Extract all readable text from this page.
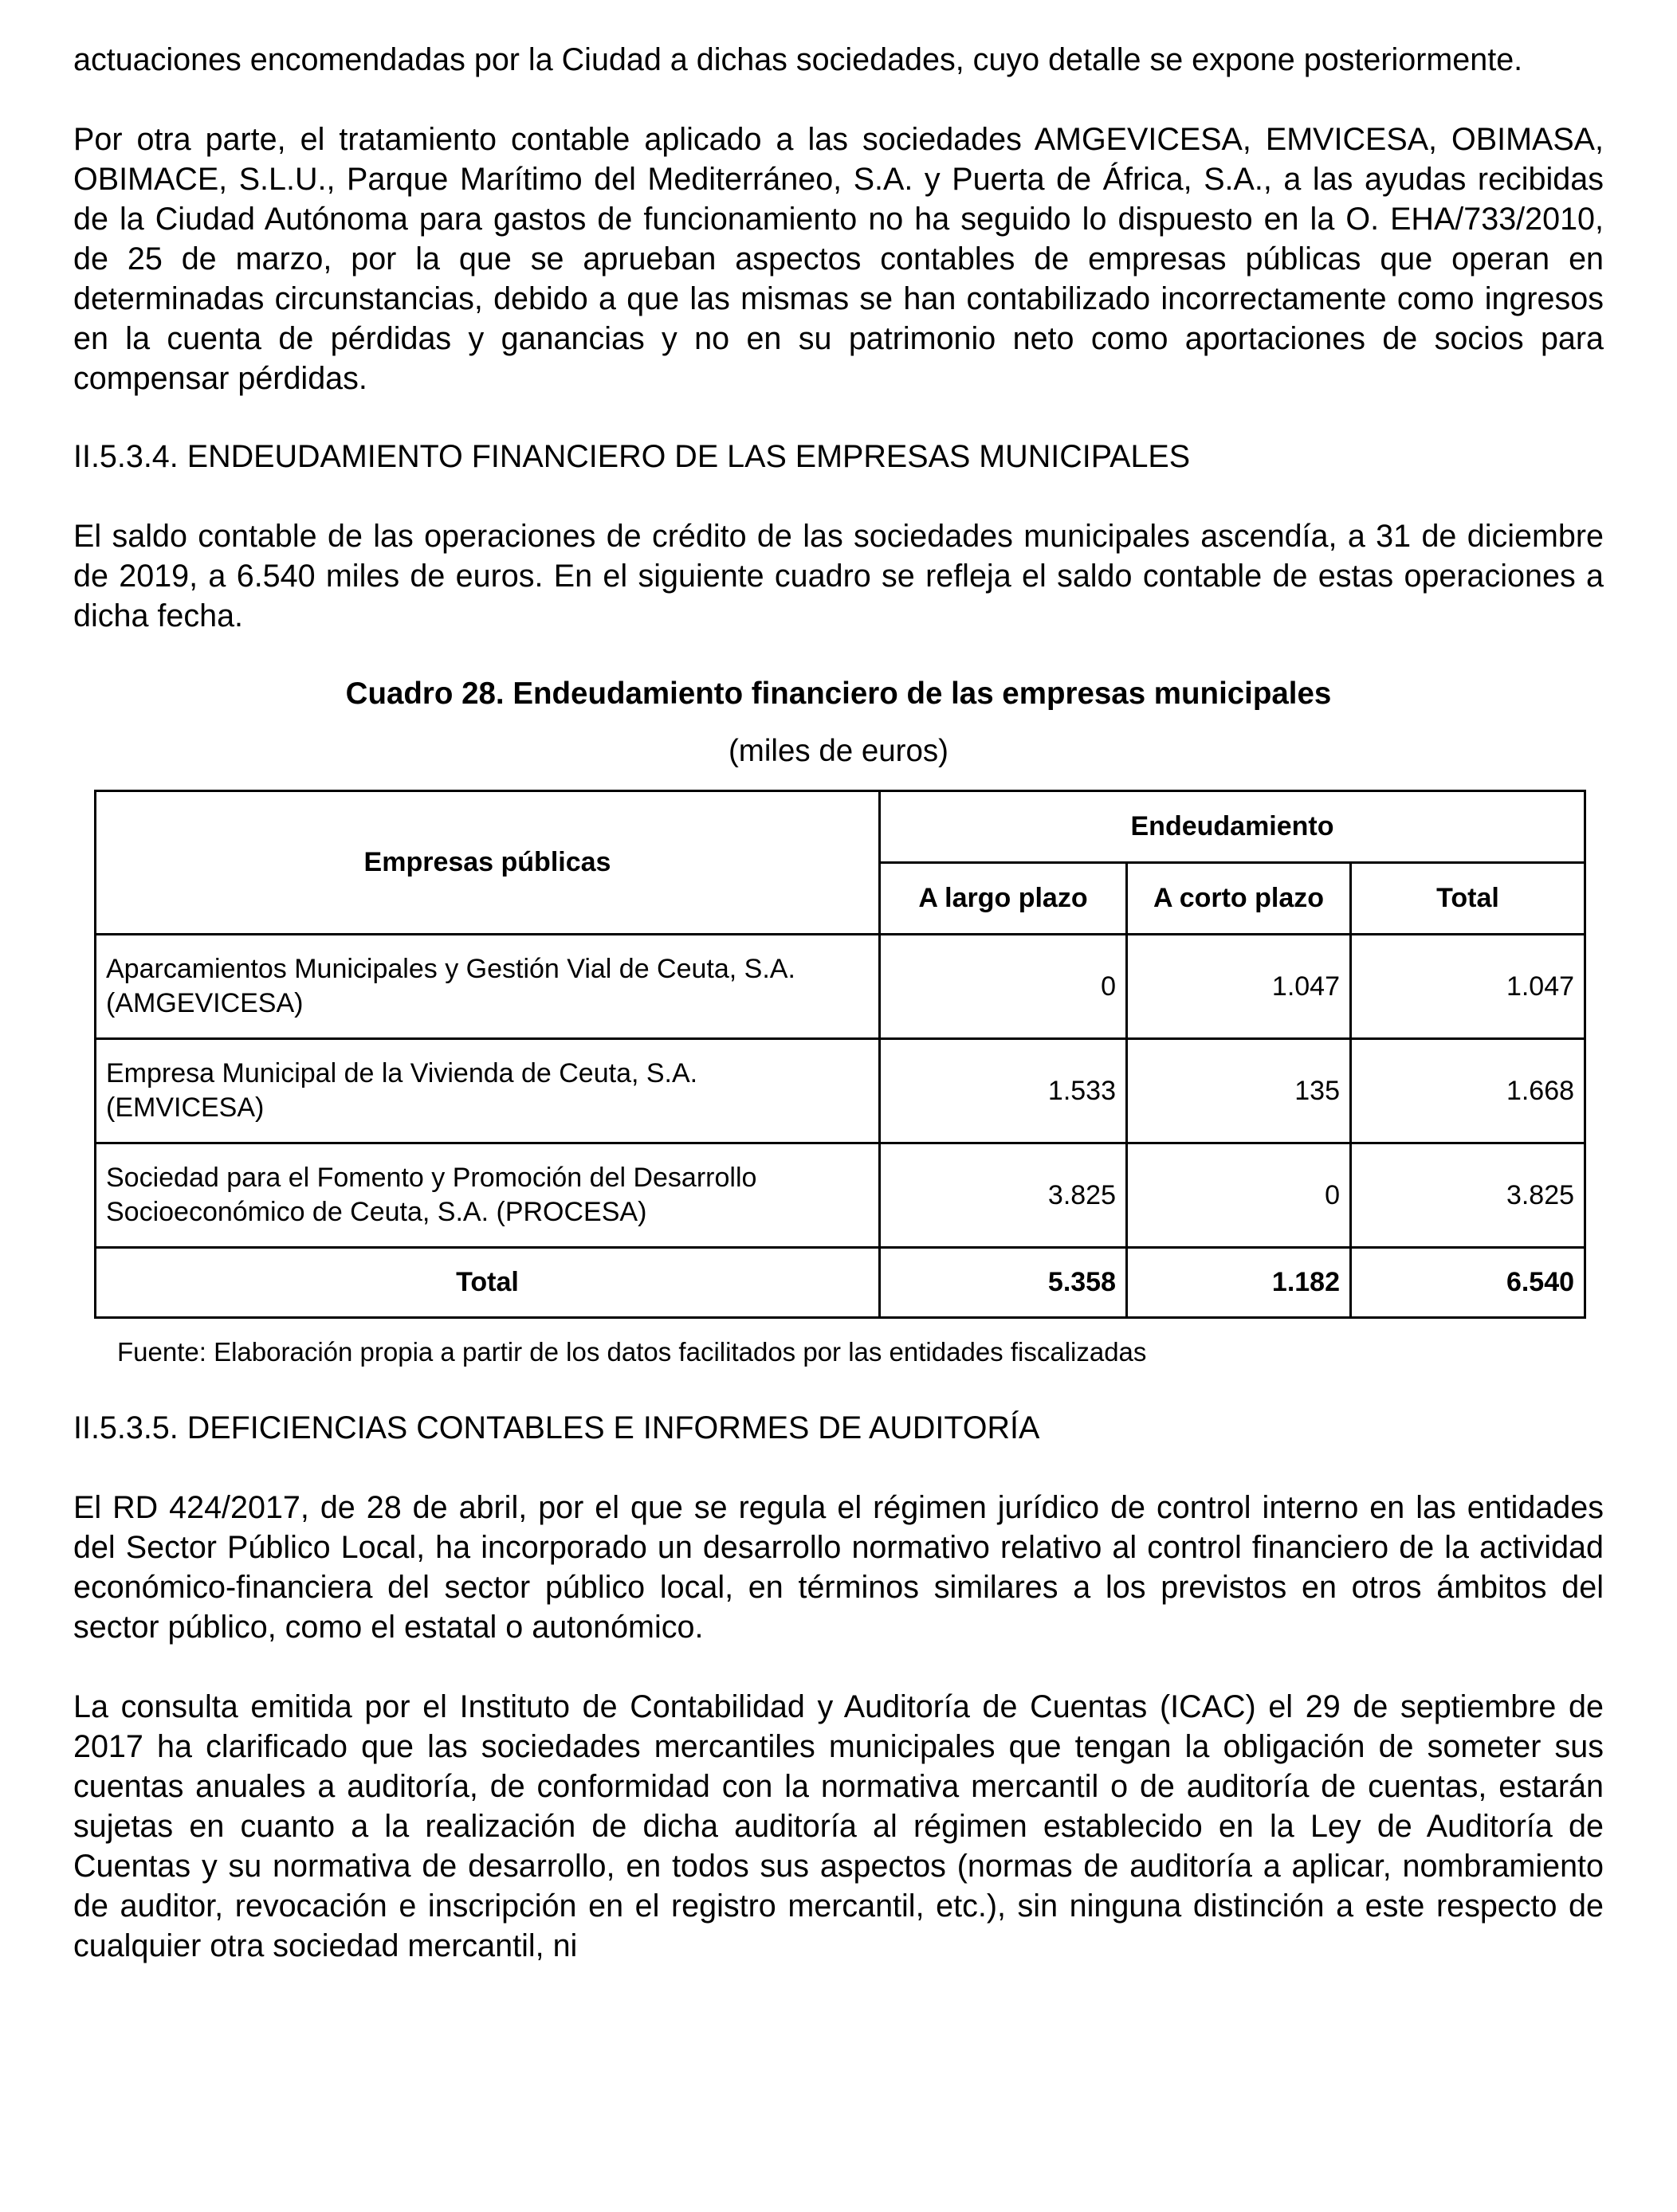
actuaciones encomendadas por la Ciudad a dichas sociedades, cuyo detalle se expone posteriormente.

Por otra parte, el tratamiento contable aplicado a las sociedades AMGEVICESA, EMVICESA, OBIMASA, OBIMACE, S.L.U., Parque Marítimo del Mediterráneo, S.A. y Puerta de África, S.A., a las ayudas recibidas de la Ciudad Autónoma para gastos de funcionamiento no ha seguido lo dispuesto en la O. EHA/733/2010, de 25 de marzo, por la que se aprueban aspectos contables de empresas públicas que operan en determinadas circunstancias, debido a que las mismas se han contabilizado incorrectamente como ingresos en la cuenta de pérdidas y ganancias y no en su patrimonio neto como aportaciones de socios para compensar pérdidas.

II.5.3.4. ENDEUDAMIENTO FINANCIERO DE LAS EMPRESAS MUNICIPALES

El saldo contable de las operaciones de crédito de las sociedades municipales ascendía, a 31 de diciembre de 2019, a 6.540 miles de euros. En el siguiente cuadro se refleja el saldo contable de estas operaciones a dicha fecha.

Cuadro 28. Endeudamiento financiero de las empresas municipales

(miles de euros)

Empresas públicas	Endeudamiento		
	A largo plazo	A corto plazo	Total
Aparcamientos Municipales y Gestión Vial de Ceuta, S.A.
(AMGEVICESA)	0	1.047	1.047
Empresa Municipal de la Vivienda de Ceuta, S.A.
(EMVICESA)	1.533	135	1.668
Sociedad para el Fomento y Promoción del Desarrollo
Socioeconómico de Ceuta, S.A. (PROCESA)	3.825	0	3.825
Total	5.358	1.182	6.540

Fuente: Elaboración propia a partir de los datos facilitados por las entidades fiscalizadas

II.5.3.5. DEFICIENCIAS CONTABLES E INFORMES DE AUDITORÍA

El RD 424/2017, de 28 de abril, por el que se regula el régimen jurídico de control interno en las entidades del Sector Público Local, ha incorporado un desarrollo normativo relativo al control financiero de la actividad económico-financiera del sector público local, en términos similares a los previstos en otros ámbitos del sector público, como el estatal o autonómico.

La consulta emitida por el Instituto de Contabilidad y Auditoría de Cuentas (ICAC) el 29 de septiembre de 2017 ha clarificado que las sociedades mercantiles municipales que tengan la obligación de someter sus cuentas anuales a auditoría, de conformidad con la normativa mercantil o de auditoría de cuentas, estarán sujetas en cuanto a la realización de dicha auditoría al régimen establecido en la Ley de Auditoría de Cuentas y su normativa de desarrollo, en todos sus aspectos (normas de auditoría a aplicar, nombramiento de auditor, revocación e inscripción en el registro mercantil, etc.), sin ninguna distinción a este respecto de cualquier otra sociedad mercantil, ni
